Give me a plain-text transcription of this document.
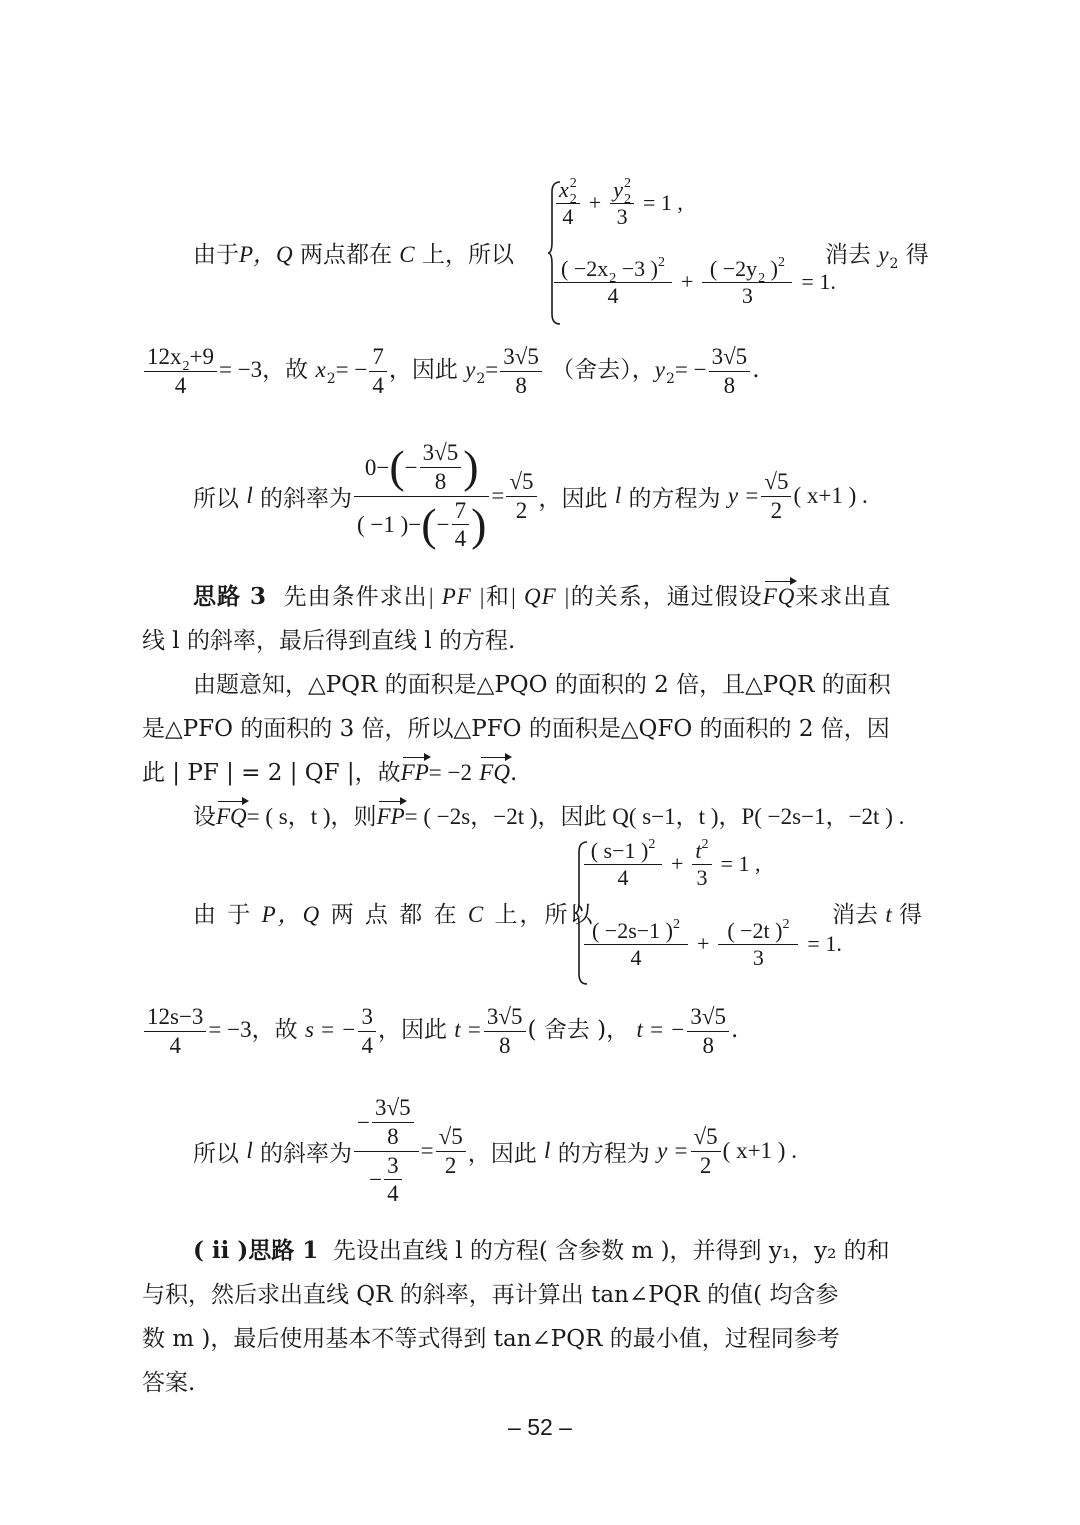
由于P，Q 两点都在 C 上，所以
$\frac{x_2^2}{4} + \frac{y_2^2}{3} = 1$ ,
$\frac{( -2x_2 -3 )^2}{4} + \frac{( -2y_2 )^2}{3} = 1$.
消去 $y_2$ 得
$\frac{12x_2+9}{4} = -3$，故 $x_2= - \frac{7}{4}$ ，因此 $y_2= \frac{3√5}{8}$ （舍去），$y_2= - \frac{3√5}{8}$ .
所以
l
的斜率为 $\frac{0- ( - \frac{3√5}{8} )}{( -1 )- ( - \frac{7}{4} )} = \frac{√5}{2}$ ，因此
l
的方程为
$y = \frac{√5}{2}$ ( x+1 ) .
思路 3 先由条件求出| PF |和| QF |的关系，通过假设FQ来求出直
线 l 的斜率，最后得到直线 l 的方程.
由题意知，△PQR 的面积是△PQO 的面积的 2 倍，且△PQR 的面积
是△PFO 的面积的 3 倍，所以△PFO 的面积是△QFO 的面积的 2 倍，因
此 | PF | = 2 | QF |，故FP= −2 FQ.
设FQ= ( s，t )，则FP= ( −2s，−2t )，因此 Q( s−1，t )，P( −2s−1，−2t ) .
由 于 P，Q 两 点 都 在 C 上，所以
$\frac{( s-1 )^2}{4} + \frac{t^2}{3} = 1$ ,
$\frac{( -2s-1 )^2}{4} + \frac{( -2t )^2}{3} = 1$.
消去 t 得
$\frac{12s-3}{4} = -3$，故 s = − $\frac{3}{4}$ ，因此 $t = \frac{3√5}{8}$ ( 舍去 )， t = − $\frac{3√5}{8}$ .
所以
l
的斜率为 $\frac{- \frac{3√5}{8}}{- \frac{3}{4}} = \frac{√5}{2}$ ，因此
l
的方程为
$y = \frac{√5}{2}$ ( x+1 ) .
( ⅱ )思路 1 先设出直线 l 的方程( 含参数 m )，并得到 y₁，y₂ 的和
与积，然后求出直线 QR 的斜率，再计算出 tan∠PQR 的值( 均含参
数 m )，最后使用基本不等式得到 tan∠PQR 的最小值，过程同参考
答案.
– 52 –
